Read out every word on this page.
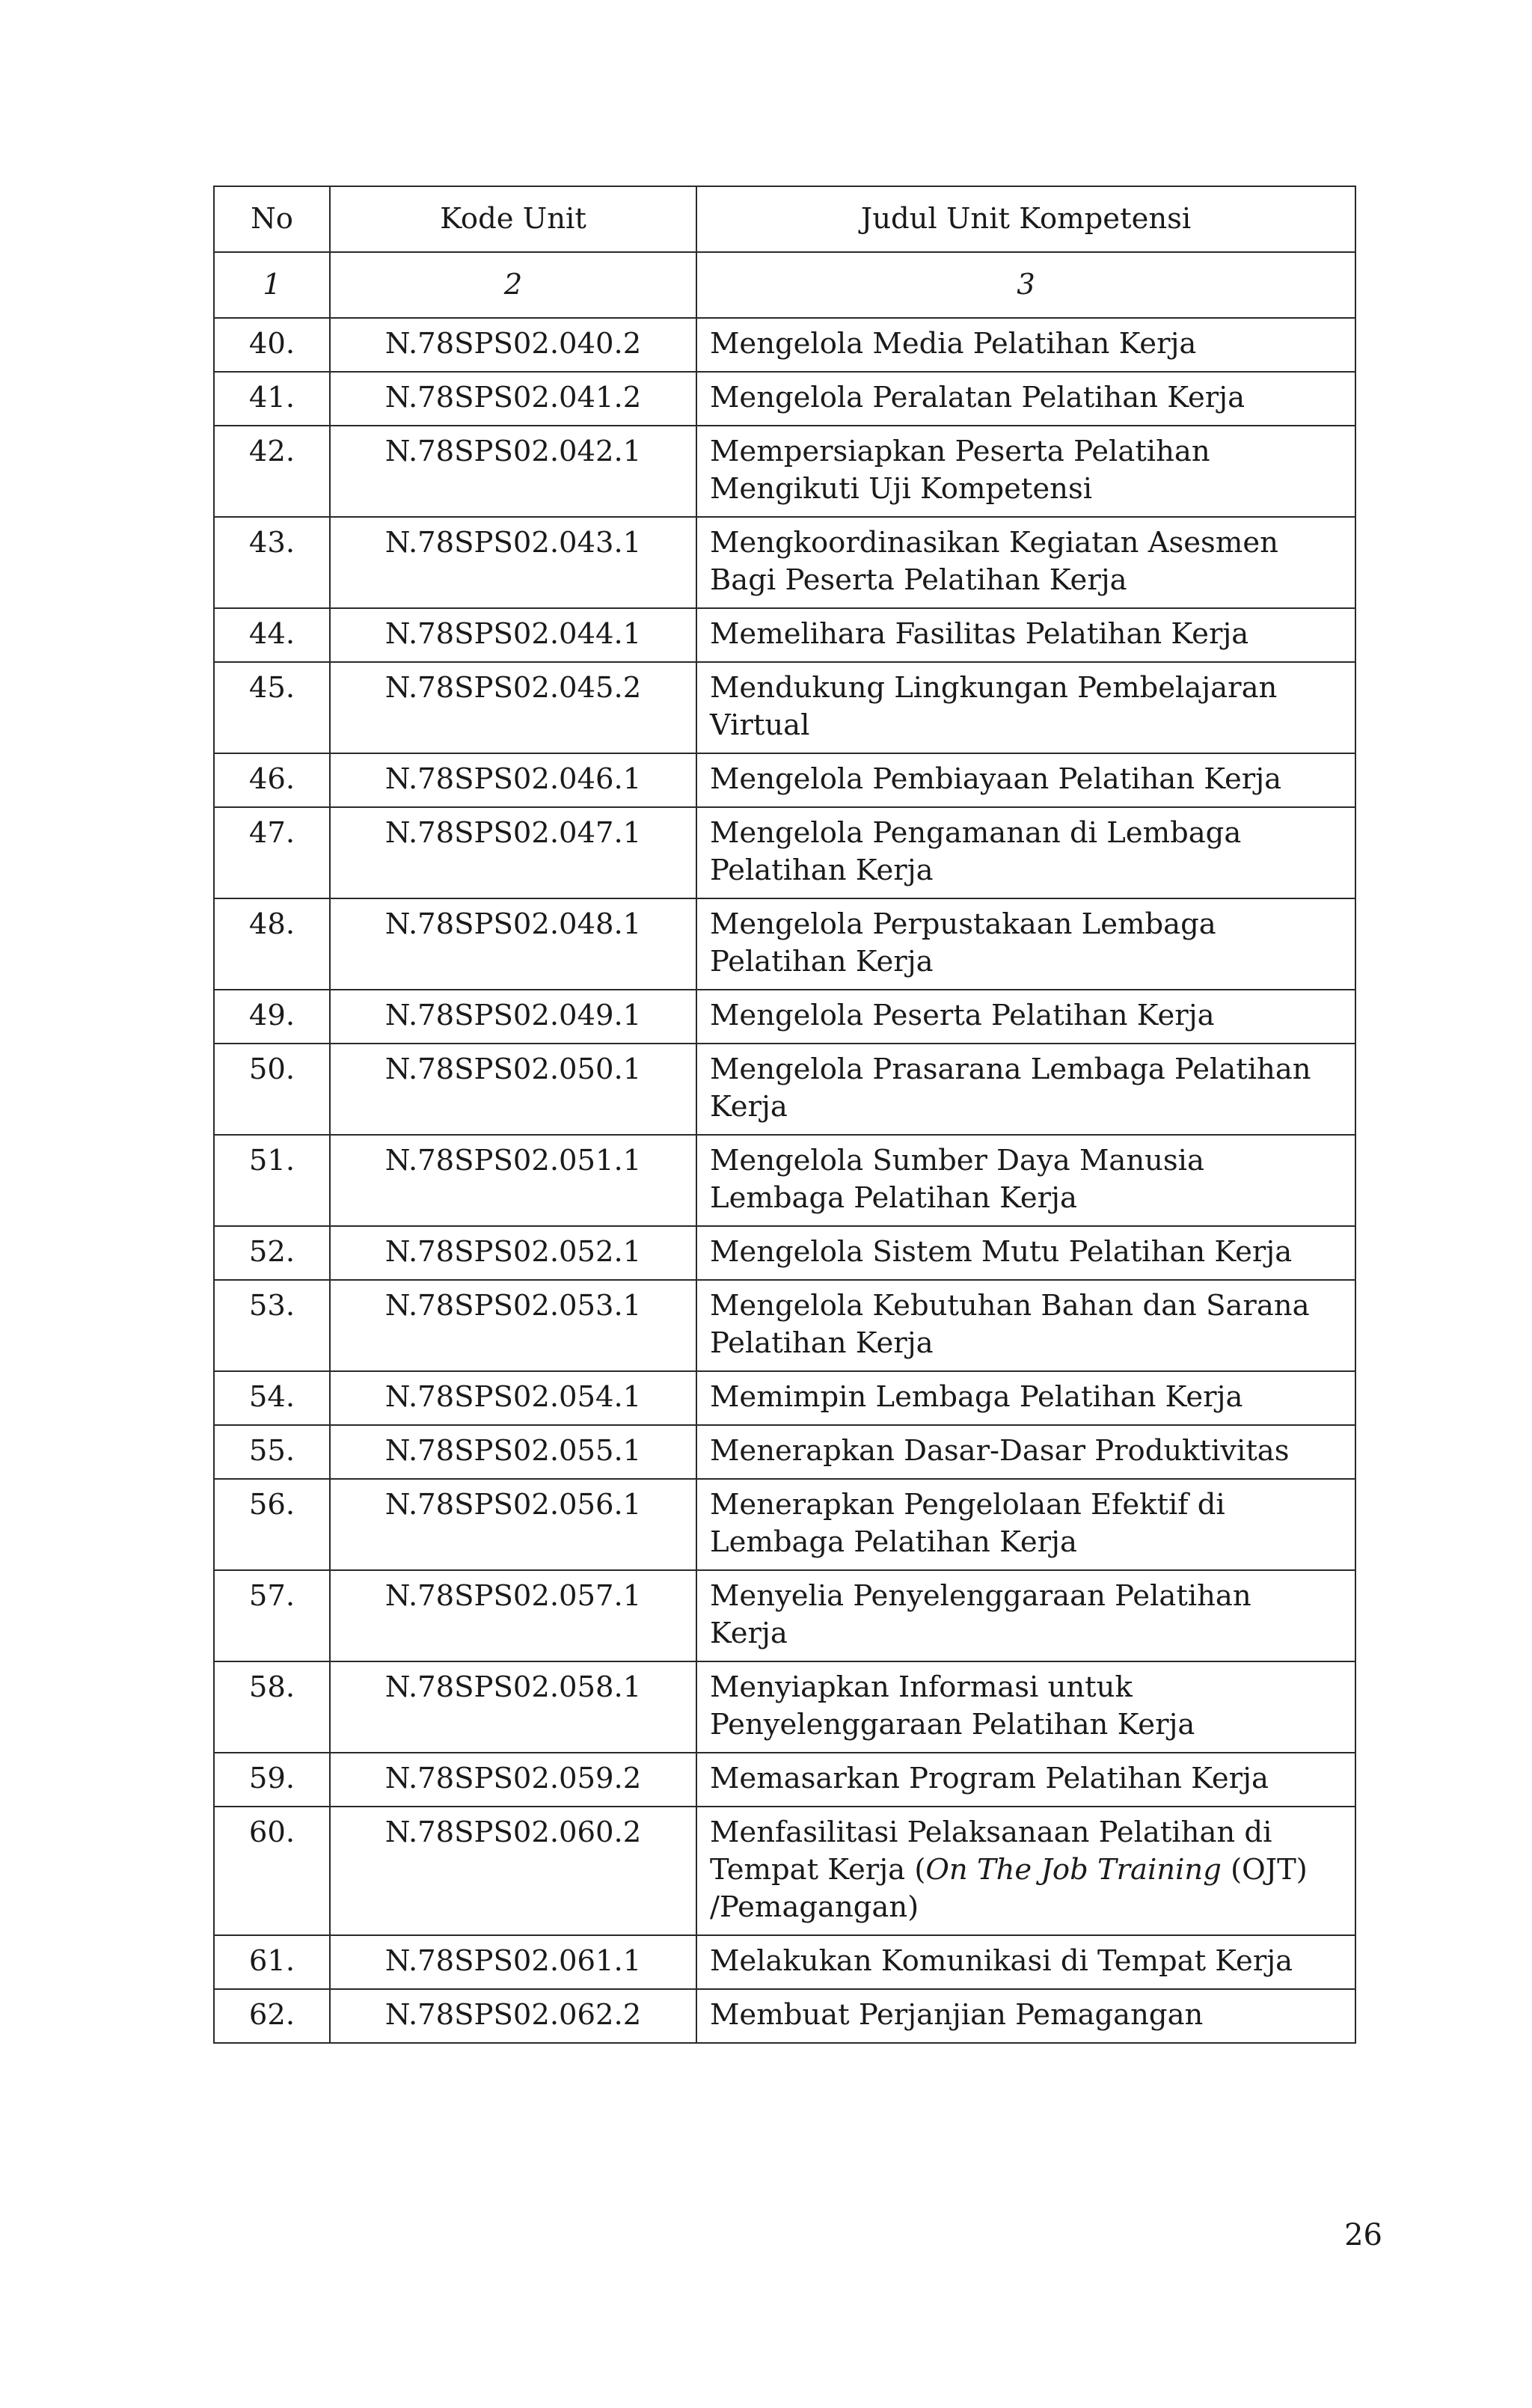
No	Kode Unit	Judul Unit Kompetensi
1	2	3
40.	N.78SPS02.040.2	Mengelola Media Pelatihan Kerja
41.	N.78SPS02.041.2	Mengelola Peralatan Pelatihan Kerja
42.	N.78SPS02.042.1	Mempersiapkan Peserta Pelatihan
Mengikuti Uji Kompetensi
43.	N.78SPS02.043.1	Mengkoordinasikan Kegiatan Asesmen
Bagi Peserta Pelatihan Kerja
44.	N.78SPS02.044.1	Memelihara Fasilitas Pelatihan Kerja
45.	N.78SPS02.045.2	Mendukung Lingkungan Pembelajaran
Virtual
46.	N.78SPS02.046.1	Mengelola Pembiayaan Pelatihan Kerja
47.	N.78SPS02.047.1	Mengelola Pengamanan di Lembaga
Pelatihan Kerja
48.	N.78SPS02.048.1	Mengelola Perpustakaan Lembaga
Pelatihan Kerja
49.	N.78SPS02.049.1	Mengelola Peserta Pelatihan Kerja
50.	N.78SPS02.050.1	Mengelola Prasarana Lembaga Pelatihan
Kerja
51.	N.78SPS02.051.1	Mengelola Sumber Daya Manusia
Lembaga Pelatihan Kerja
52.	N.78SPS02.052.1	Mengelola Sistem Mutu Pelatihan Kerja
53.	N.78SPS02.053.1	Mengelola Kebutuhan Bahan dan Sarana
Pelatihan Kerja
54.	N.78SPS02.054.1	Memimpin Lembaga Pelatihan Kerja
55.	N.78SPS02.055.1	Menerapkan Dasar-Dasar Produktivitas
56.	N.78SPS02.056.1	Menerapkan Pengelolaan Efektif di
Lembaga Pelatihan Kerja
57.	N.78SPS02.057.1	Menyelia Penyelenggaraan Pelatihan
Kerja
58.	N.78SPS02.058.1	Menyiapkan Informasi untuk
Penyelenggaraan Pelatihan Kerja
59.	N.78SPS02.059.2	Memasarkan Program Pelatihan Kerja
60.	N.78SPS02.060.2	Menfasilitasi Pelaksanaan Pelatihan di
Tempat Kerja (On The Job Training (OJT)
/Pemagangan)
61.	N.78SPS02.061.1	Melakukan Komunikasi di Tempat Kerja
62.	N.78SPS02.062.2	Membuat Perjanjian Pemagangan
26
